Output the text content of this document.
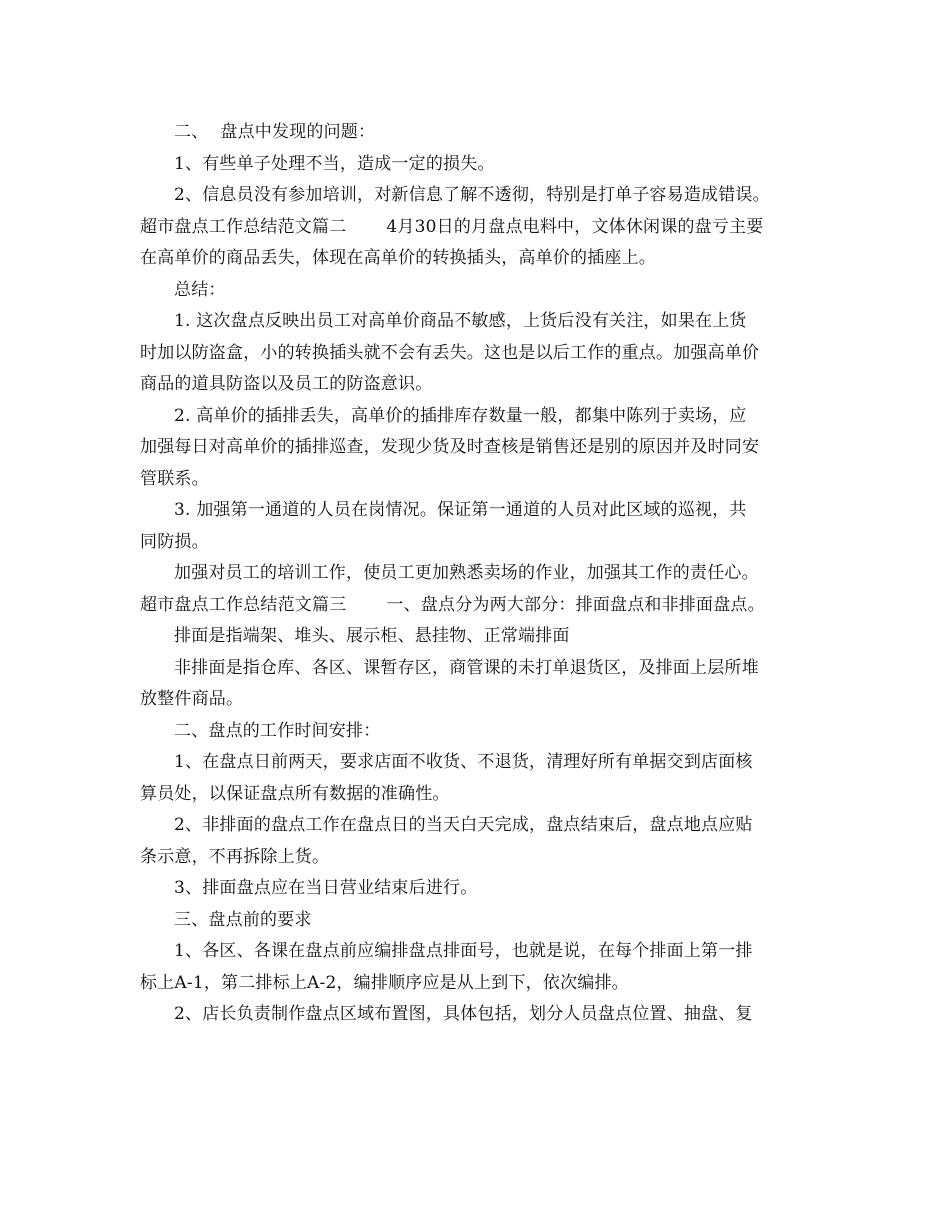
二、 盘点中发现的问题：

1、有些单子处理不当，造成一定的损失。

2、信息员没有参加培训，对新信息了解不透彻，特别是打单子容易造成错误。

超市盘点工作总结范文篇二 4月30日的月盘点电料中，文体休闲课的盘亏主要

在高单价的商品丢失，体现在高单价的转换插头，高单价的插座上。

总结：

1. 这次盘点反映出员工对高单价商品不敏感，上货后没有关注，如果在上货

时加以防盗盒，小的转换插头就不会有丢失。这也是以后工作的重点。加强高单价

商品的道具防盗以及员工的防盗意识。

2. 高单价的插排丢失，高单价的插排库存数量一般，都集中陈列于卖场，应

加强每日对高单价的插排巡查，发现少货及时查核是销售还是别的原因并及时同安

管联系。

3. 加强第一通道的人员在岗情况。保证第一通道的人员对此区域的巡视，共

同防损。

加强对员工的培训工作，使员工更加熟悉卖场的作业，加强其工作的责任心。

超市盘点工作总结范文篇三 一、盘点分为两大部分：排面盘点和非排面盘点。

排面是指端架、堆头、展示柜、悬挂物、正常端排面

非排面是指仓库、各区、课暂存区，商管课的未打单退货区，及排面上层所堆

放整件商品。

二、盘点的工作时间安排：

1、在盘点日前两天，要求店面不收货、不退货，清理好所有单据交到店面核

算员处，以保证盘点所有数据的准确性。

2、非排面的盘点工作在盘点日的当天白天完成，盘点结束后，盘点地点应贴

条示意，不再拆除上货。

3、排面盘点应在当日营业结束后进行。

三、盘点前的要求

1、各区、各课在盘点前应编排盘点排面号，也就是说，在每个排面上第一排

标上A-1，第二排标上A-2，编排顺序应是从上到下，依次编排。

2、店长负责制作盘点区域布置图，具体包括，划分人员盘点位置、抽盘、复
